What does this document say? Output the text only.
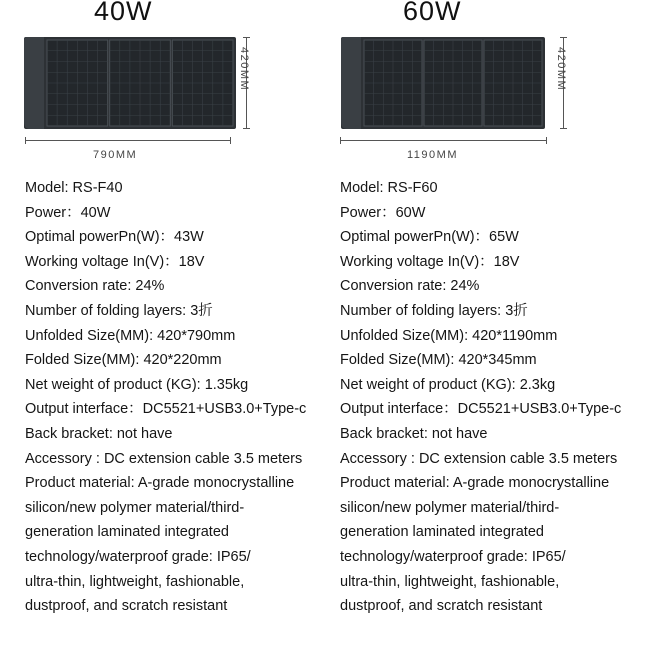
40W
420MM
790MM
Model: RS-F40
Power：40W
Optimal powerPn(W)：43W
Working voltage In(V)：18V
Conversion rate: 24%
Number of folding layers: 3折
Unfolded Size(MM): 420*790mm
Folded Size(MM): 420*220mm
Net weight of product (KG): 1.35kg
Output interface：DC5521+USB3.0+Type-c
Back bracket: not have
Accessory : DC extension cable 3.5 meters
Product material: A-grade monocrystalline
silicon/new polymer material/third-
generation laminated integrated
technology/waterproof grade: IP65/
ultra-thin, lightweight, fashionable,
dustproof, and scratch resistant
60W
420MM
1190MM
Model: RS-F60
Power：60W
Optimal powerPn(W)：65W
Working voltage In(V)：18V
Conversion rate: 24%
Number of folding layers: 3折
Unfolded Size(MM): 420*1190mm
Folded Size(MM): 420*345mm
Net weight of product (KG): 2.3kg
Output interface：DC5521+USB3.0+Type-c
Back bracket: not have
Accessory : DC extension cable 3.5 meters
Product material: A-grade monocrystalline
silicon/new polymer material/third-
generation laminated integrated
technology/waterproof grade: IP65/
ultra-thin, lightweight, fashionable,
dustproof, and scratch resistant
